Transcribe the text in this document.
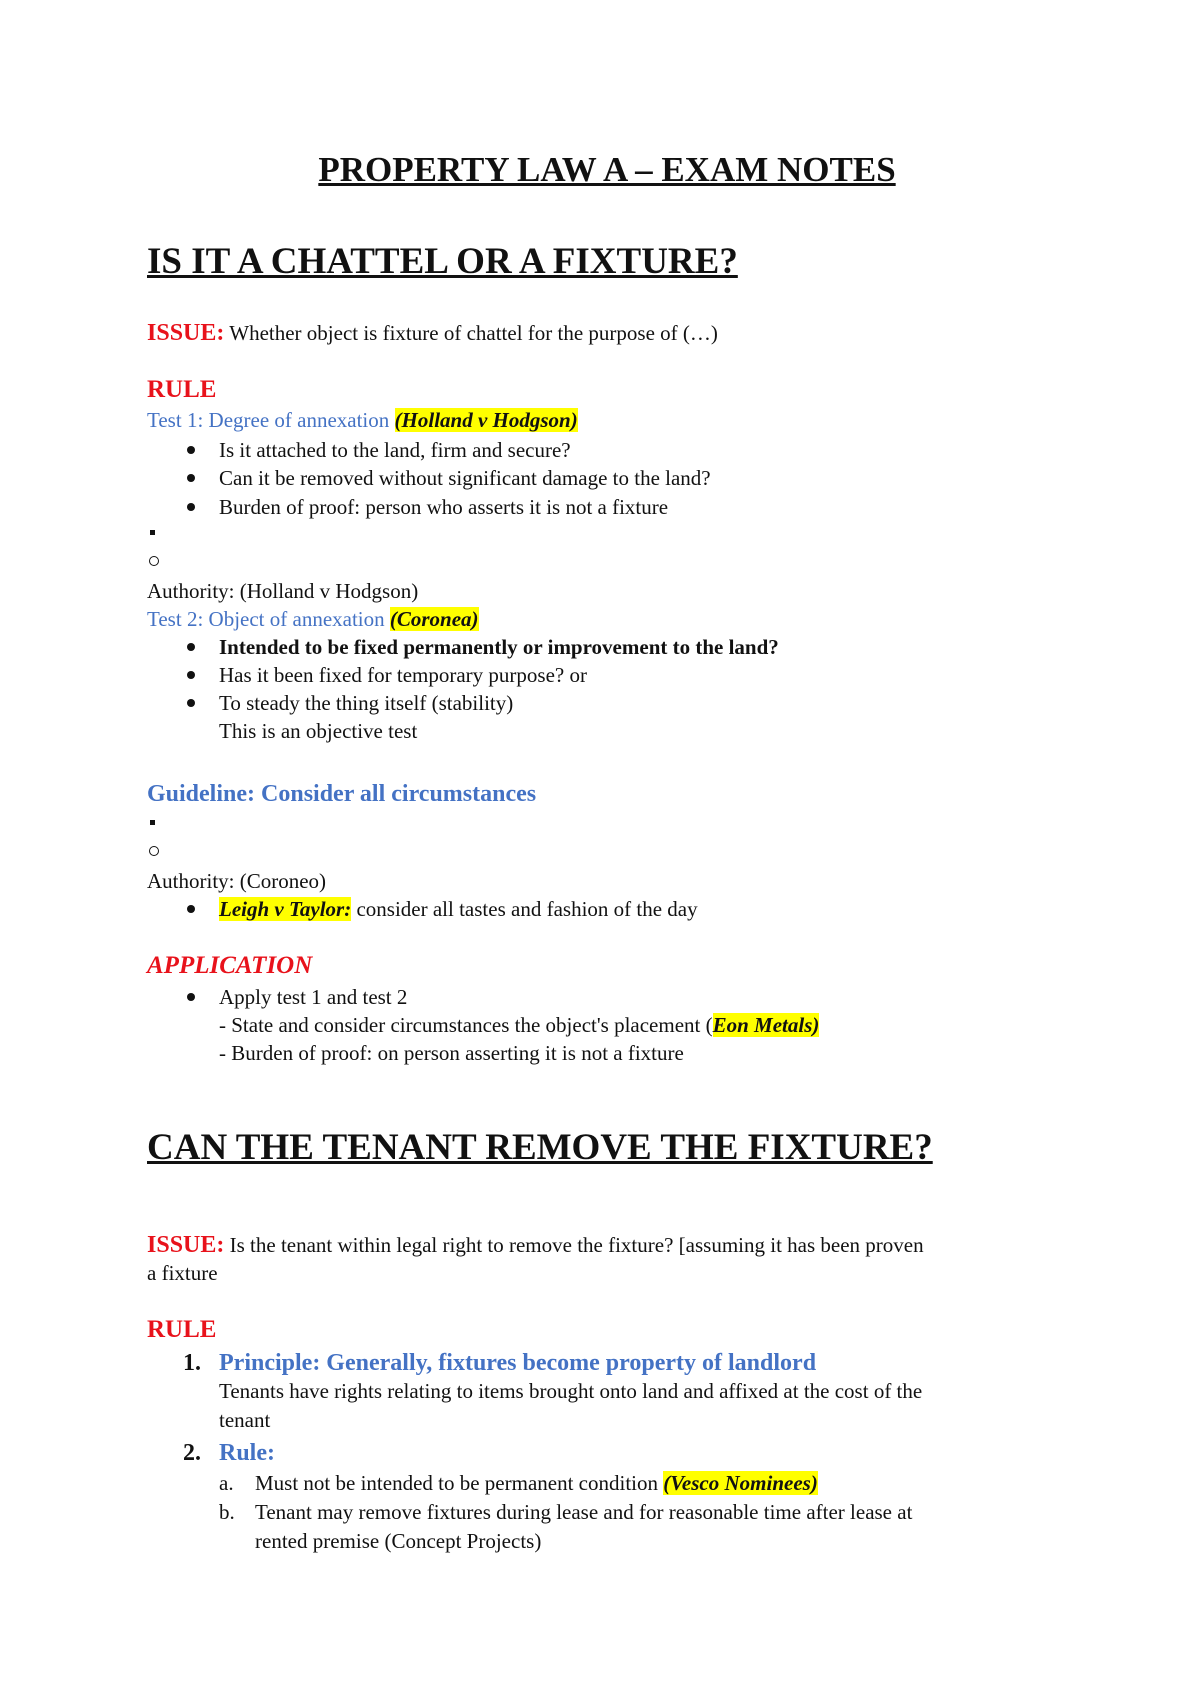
PROPERTY LAW A – EXAM NOTES
IS IT A CHATTEL OR A FIXTURE?
ISSUE: Whether object is fixture of chattel for the purpose of (…)
RULE
Test 1: Degree of annexation (Holland v Hodgson)
Is it attached to the land, firm and secure?
Can it be removed without significant damage to the land?
Burden of proof: person who asserts it is not a fixture
Authority: (Holland v Hodgson)
Test 2: Object of annexation (Coronea)
Intended to be fixed permanently or improvement to the land?
Has it been fixed for temporary purpose? or
To steady the thing itself (stability)
This is an objective test
Guideline: Consider all circumstances
Authority: (Coroneo)
Leigh v Taylor: consider all tastes and fashion of the day
APPLICATION
Apply test 1 and test 2
- State and consider circumstances the object's placement (Eon Metals)
- Burden of proof: on person asserting it is not a fixture
CAN THE TENANT REMOVE THE FIXTURE?
ISSUE: Is the tenant within legal right to remove the fixture? [assuming it has been proven
a fixture
RULE
1. Principle: Generally, fixtures become property of landlord
Tenants have rights relating to items brought onto land and affixed at the cost of the
tenant
2. Rule:
a. Must not be intended to be permanent condition (Vesco Nominees)
b. Tenant may remove fixtures during lease and for reasonable time after lease at
rented premise (Concept Projects)
